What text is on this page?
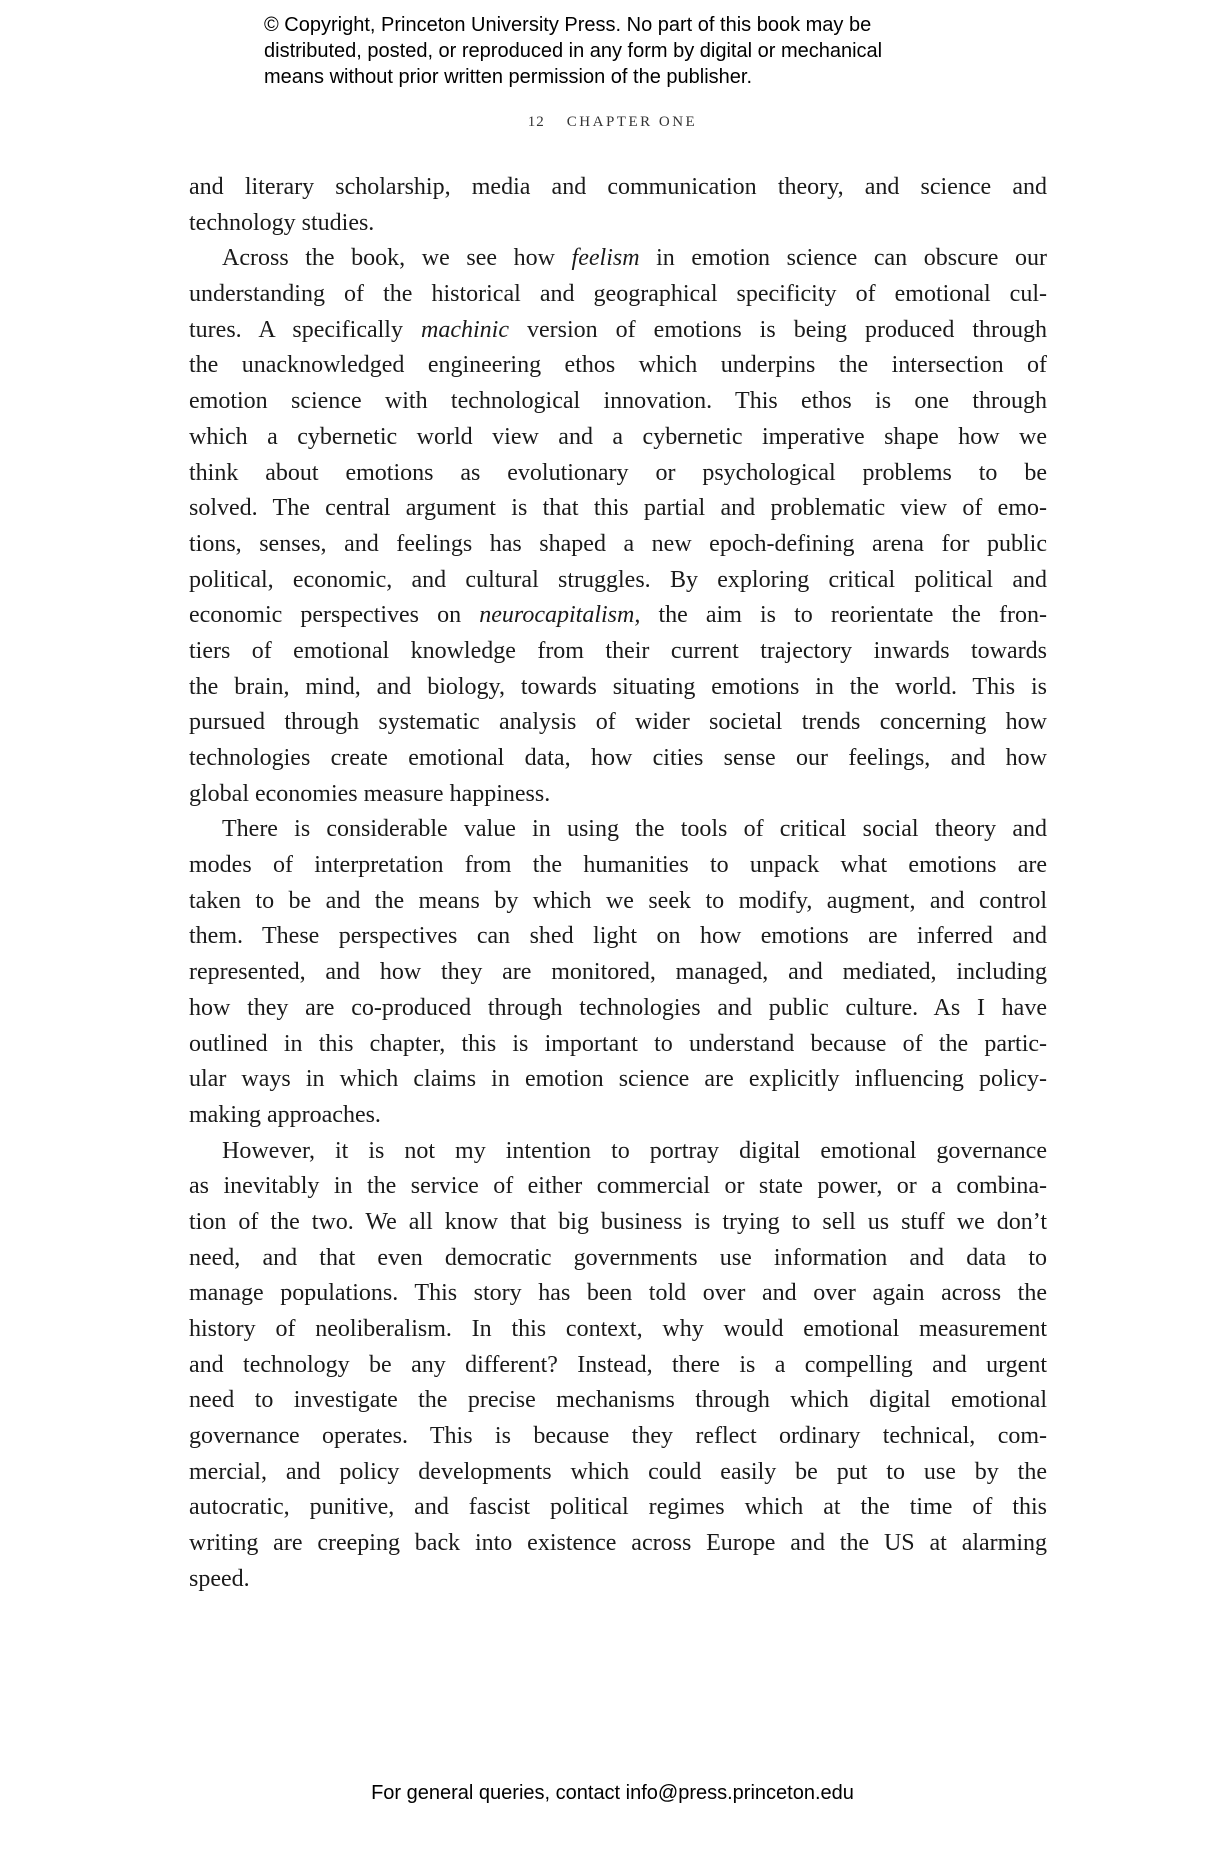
© Copyright, Princeton University Press. No part of this book may be
distributed, posted, or reproduced in any form by digital or mechanical
means without prior written permission of the publisher.
12 CHAPTER ONE
and literary scholarship, media and communication theory, and science and
technology studies.
Across the book, we see how feelism in emotion science can obscure our
understanding of the historical and geographical specificity of emotional cul-
tures. A specifically machinic version of emotions is being produced through
the unacknowledged engineering ethos which underpins the intersection of
emotion science with technological innovation. This ethos is one through
which a cybernetic world view and a cybernetic imperative shape how we
think about emotions as evolutionary or psychological problems to be
solved. The central argument is that this partial and problematic view of emo-
tions, senses, and feelings has shaped a new epoch-defining arena for public
political, economic, and cultural struggles. By exploring critical political and
economic perspectives on neurocapitalism, the aim is to reorientate the fron-
tiers of emotional knowledge from their current trajectory inwards towards
the brain, mind, and biology, towards situating emotions in the world. This is
pursued through systematic analysis of wider societal trends concerning how
technologies create emotional data, how cities sense our feelings, and how
global economies measure happiness.
There is considerable value in using the tools of critical social theory and
modes of interpretation from the humanities to unpack what emotions are
taken to be and the means by which we seek to modify, augment, and control
them. These perspectives can shed light on how emotions are inferred and
represented, and how they are monitored, managed, and mediated, including
how they are co-produced through technologies and public culture. As I have
outlined in this chapter, this is important to understand because of the partic-
ular ways in which claims in emotion science are explicitly influencing policy-
making approaches.
However, it is not my intention to portray digital emotional governance
as inevitably in the service of either commercial or state power, or a combina-
tion of the two. We all know that big business is trying to sell us stuff we don’t
need, and that even democratic governments use information and data to
manage populations. This story has been told over and over again across the
history of neoliberalism. In this context, why would emotional measurement
and technology be any different? Instead, there is a compelling and urgent
need to investigate the precise mechanisms through which digital emotional
governance operates. This is because they reflect ordinary technical, com-
mercial, and policy developments which could easily be put to use by the
autocratic, punitive, and fascist political regimes which at the time of this
writing are creeping back into existence across Europe and the US at alarming
speed.
For general queries, contact info@press.princeton.edu
